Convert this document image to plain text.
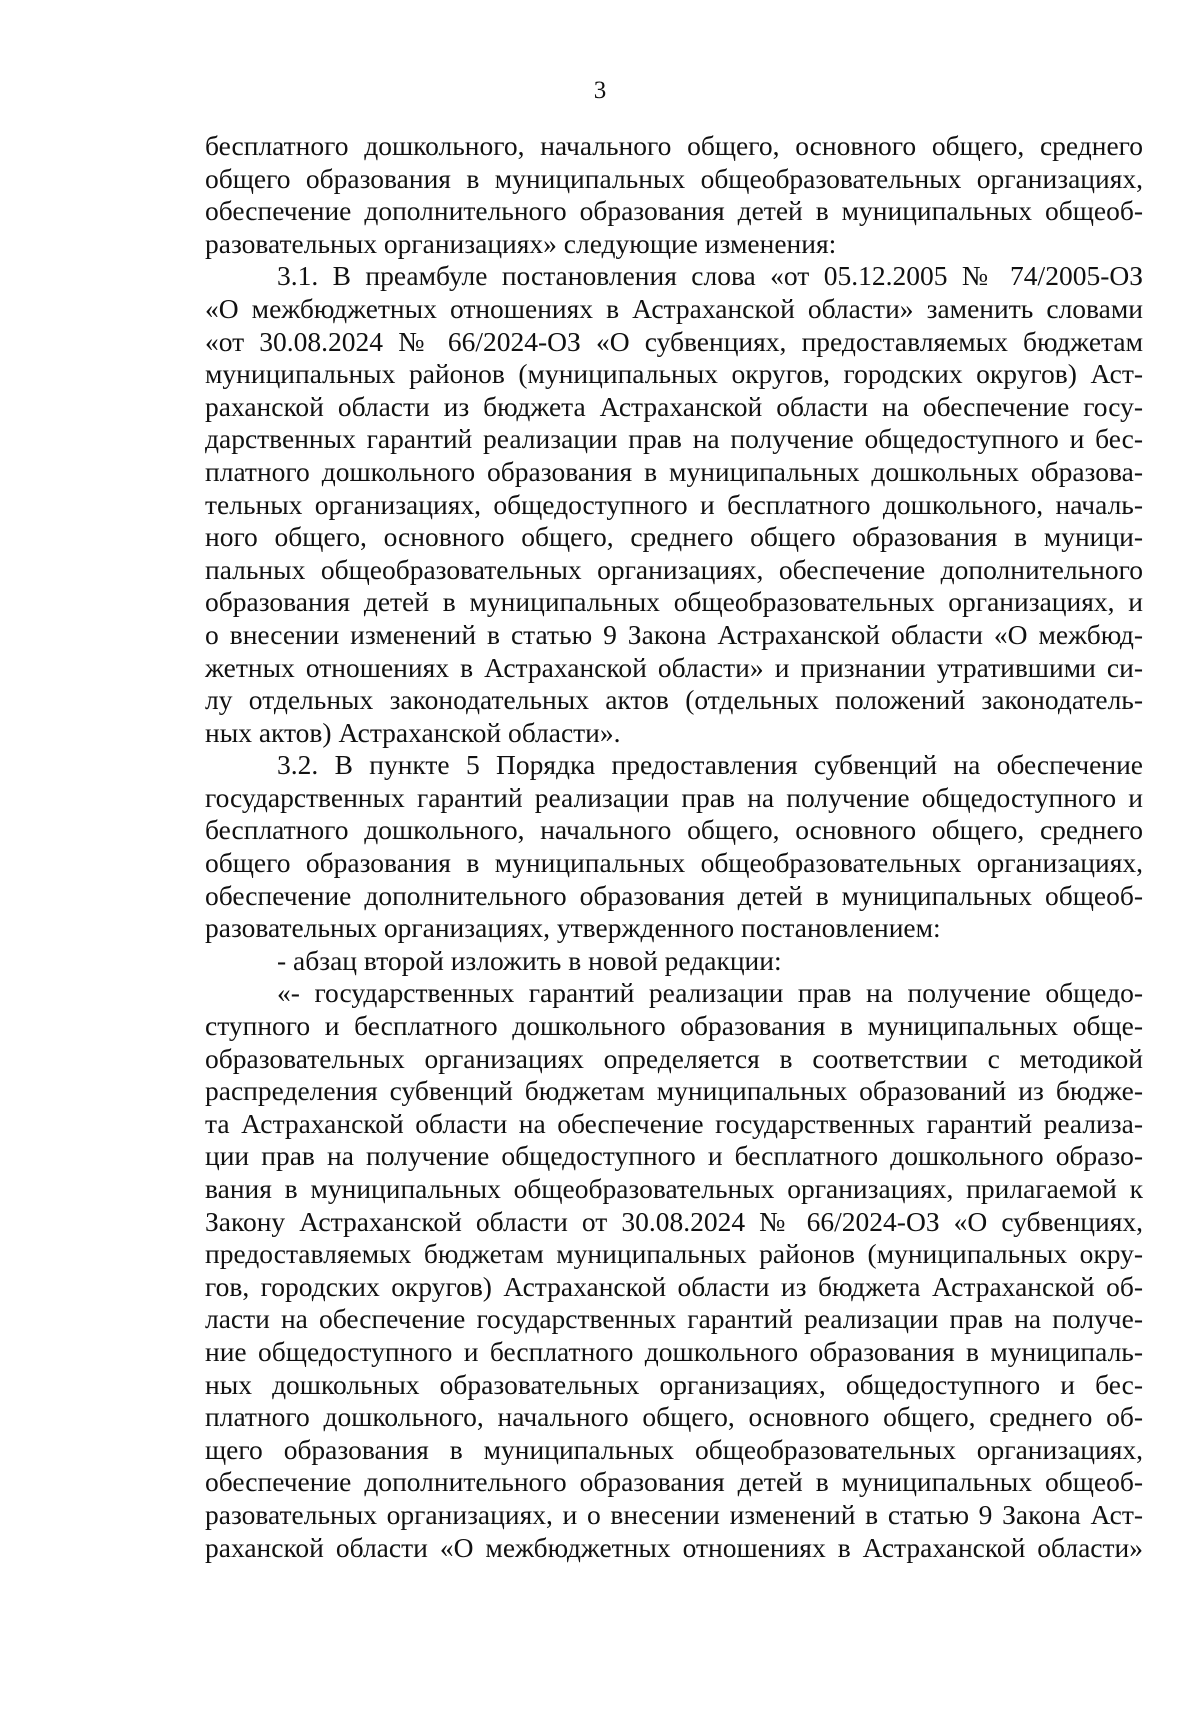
3
бесплатного дошкольного, начального общего, основного общего, среднего
общего образования в муниципальных общеобразовательных организациях,
обеспечение дополнительного образования детей в муниципальных общеоб-
разовательных организациях» следующие изменения:
3.1. В преамбуле постановления слова «от 05.12.2005 № 74/2005-ОЗ
«О межбюджетных отношениях в Астраханской области» заменить словами
«от 30.08.2024 № 66/2024-ОЗ «О субвенциях, предоставляемых бюджетам
муниципальных районов (муниципальных округов, городских округов) Аст-
раханской области из бюджета Астраханской области на обеспечение госу-
дарственных гарантий реализации прав на получение общедоступного и бес-
платного дошкольного образования в муниципальных дошкольных образова-
тельных организациях, общедоступного и бесплатного дошкольного, началь-
ного общего, основного общего, среднего общего образования в муници-
пальных общеобразовательных организациях, обеспечение дополнительного
образования детей в муниципальных общеобразовательных организациях, и
о внесении изменений в статью 9 Закона Астраханской области «О межбюд-
жетных отношениях в Астраханской области» и признании утратившими си-
лу отдельных законодательных актов (отдельных положений законодатель-
ных актов) Астраханской области».
3.2. В пункте 5 Порядка предоставления субвенций на обеспечение
государственных гарантий реализации прав на получение общедоступного и
бесплатного дошкольного, начального общего, основного общего, среднего
общего образования в муниципальных общеобразовательных организациях,
обеспечение дополнительного образования детей в муниципальных общеоб-
разовательных организациях, утвержденного постановлением:
- абзац второй изложить в новой редакции:
«- государственных гарантий реализации прав на получение общедо-
ступного и бесплатного дошкольного образования в муниципальных обще-
образовательных организациях определяется в соответствии с методикой
распределения субвенций бюджетам муниципальных образований из бюдже-
та Астраханской области на обеспечение государственных гарантий реализа-
ции прав на получение общедоступного и бесплатного дошкольного образо-
вания в муниципальных общеобразовательных организациях, прилагаемой к
Закону Астраханской области от 30.08.2024 № 66/2024-ОЗ «О субвенциях,
предоставляемых бюджетам муниципальных районов (муниципальных окру-
гов, городских округов) Астраханской области из бюджета Астраханской об-
ласти на обеспечение государственных гарантий реализации прав на получе-
ние общедоступного и бесплатного дошкольного образования в муниципаль-
ных дошкольных образовательных организациях, общедоступного и бес-
платного дошкольного, начального общего, основного общего, среднего об-
щего образования в муниципальных общеобразовательных организациях,
обеспечение дополнительного образования детей в муниципальных общеоб-
разовательных организациях, и о внесении изменений в статью 9 Закона Аст-
раханской области «О межбюджетных отношениях в Астраханской области»
